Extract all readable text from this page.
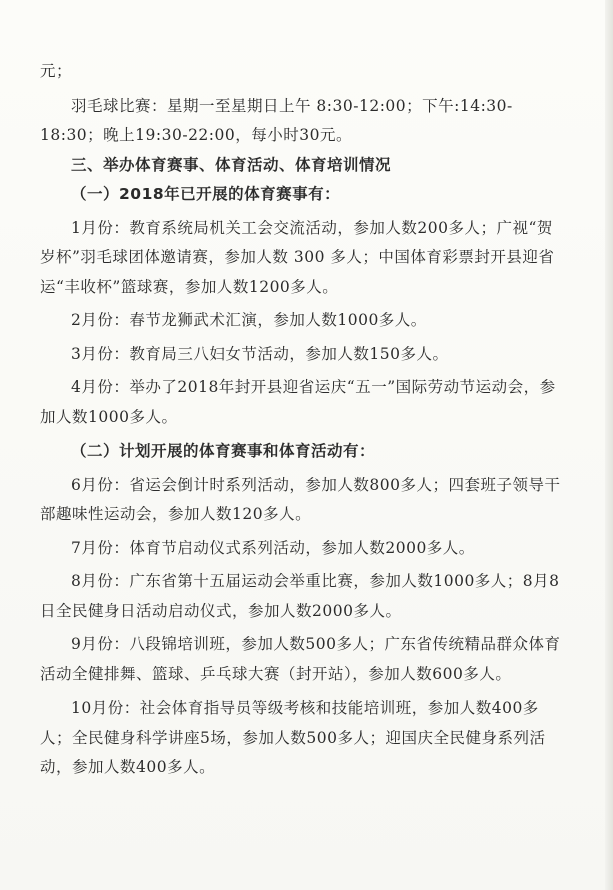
元；

羽毛球比赛：星期一至星期日上午 8:30-12:00；下午:14:30-18:30；晚上19:30-22:00，每小时30元。

三、举办体育赛事、体育活动、体育培训情况

（一）2018年已开展的体育赛事有：

1月份：教育系统局机关工会交流活动，参加人数200多人；广视“贺岁杯”羽毛球团体邀请赛，参加人数 300 多人；中国体育彩票封开县迎省运“丰收杯”篮球赛，参加人数1200多人。

2月份：春节龙狮武术汇演，参加人数1000多人。

3月份：教育局三八妇女节活动，参加人数150多人。

4月份：举办了2018年封开县迎省运庆“五一”国际劳动节运动会，参加人数1000多人。

（二）计划开展的体育赛事和体育活动有：

6月份：省运会倒计时系列活动，参加人数800多人；四套班子领导干部趣味性运动会，参加人数120多人。

7月份：体育节启动仪式系列活动，参加人数2000多人。

8月份：广东省第十五届运动会举重比赛，参加人数1000多人；8月8日全民健身日活动启动仪式，参加人数2000多人。

9月份：八段锦培训班，参加人数500多人；广东省传统精品群众体育活动全健排舞、篮球、乒乓球大赛（封开站），参加人数600多人。

10月份：社会体育指导员等级考核和技能培训班，参加人数400多人；全民健身科学讲座5场，参加人数500多人；迎国庆全民健身系列活动，参加人数400多人。
